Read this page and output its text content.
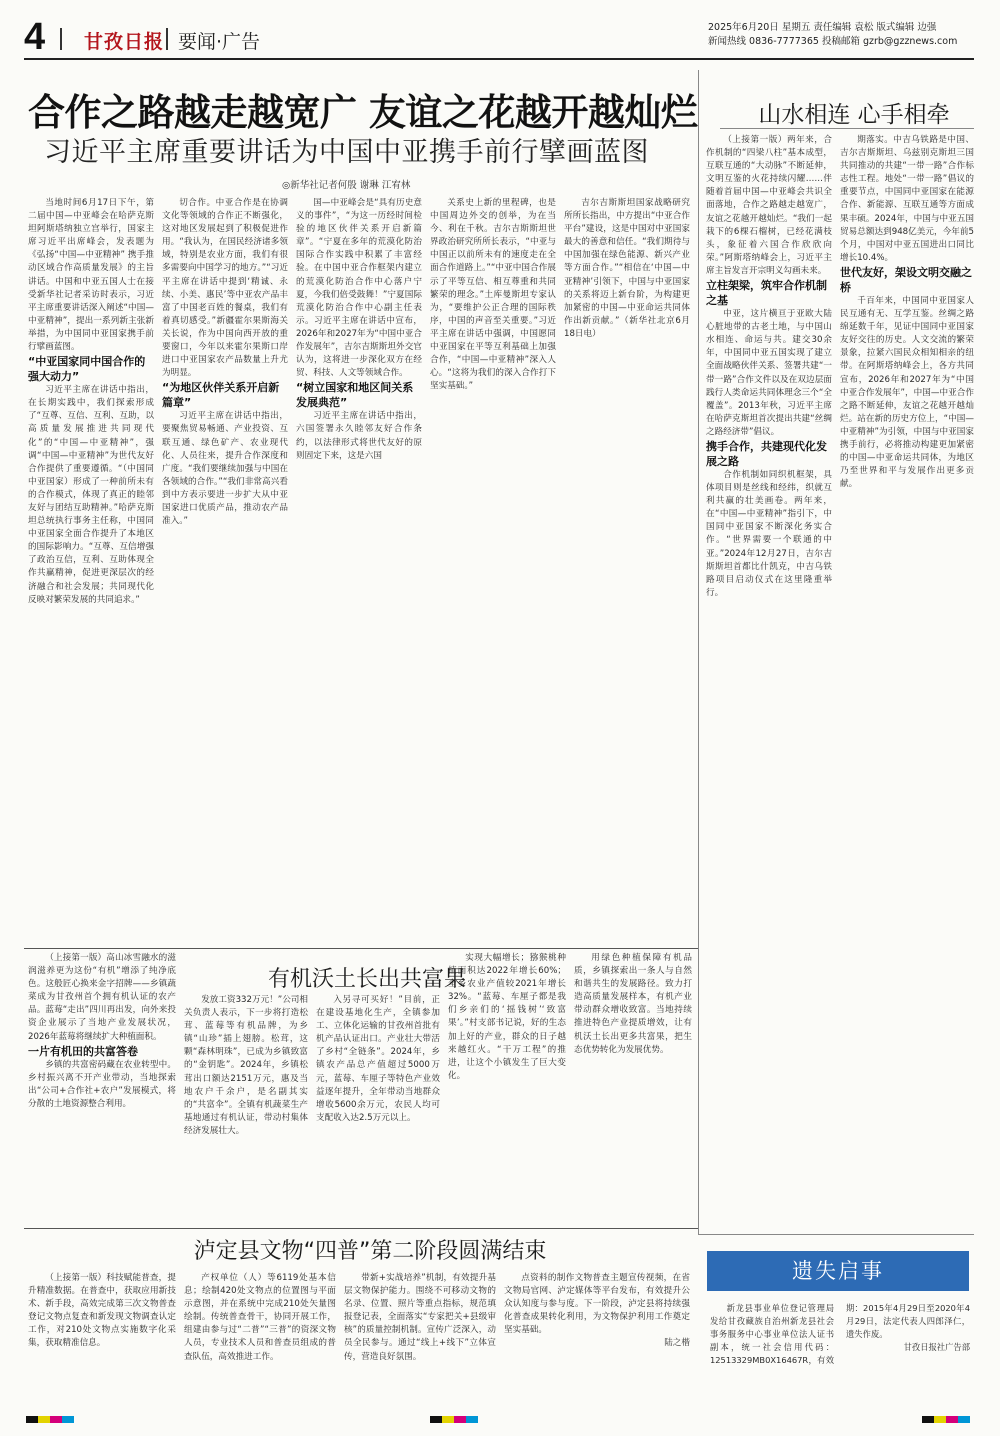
4 甘孜日报 要闻·广告
2025年6月20日 星期五 责任编辑 袁松 版式编辑 边强
新闻热线 0836-7777365 投稿邮箱 gzrb@gzznews.com
合作之路越走越宽广 友谊之花越开越灿烂
习近平主席重要讲话为中国中亚携手前行擘画蓝图
◎新华社记者何殷 谢琳 江宥林

当地时间6月17日下午，第二届中国—中亚峰会在哈萨克斯坦阿斯塔纳独立宫举行，国家主席习近平出席峰会，发表题为《弘扬“中国—中亚精神” 携手推动区域合作高质量发展》的主旨讲话。中国和中亚五国人士在接受新华社记者采访时表示，习近平主席重要讲话深入阐述“中国—中亚精神”，提出一系列新主张新举措，为中国同中亚国家携手前行擘画蓝图。

“中亚国家同中国合作的强大动力”

习近平主席在讲话中指出，在长期实践中，我们探索形成了“互尊、互信、互利、互助，以高质量发展推进共同现代化”的“中国—中亚精神”，强调“中国—中亚精神”为世代友好合作提供了重要遵循。“（中国同中亚国家）形成了一种前所未有的合作模式，体现了真正的睦邻友好与团结互助精神。”哈萨克斯坦总统执行事务主任称，中国同中亚国家全面合作提升了本地区的国际影响力。“互尊、互信增强了政治互信，互利、互助体现全作共赢精神，促进更深层次的经济融合和社会发展；共同现代化反映对繁荣发展的共同追求。”

切合作。中亚合作是在协调文化等领域的合作正不断强化，这对地区发展起到了积极促进作用。“我认为，在国民经济诸多领域，特别是农业方面，我们有很多需要向中国学习的地方。”“习近平主席在讲话中提到‘精诚、永续、小美、惠民’等中亚农产品丰富了中国老百姓的餐桌，我们有着真切感受。”新疆霍尔果斯海关关长说，作为中国向西开放的重要窗口，今年以来霍尔果斯口岸进口中亚国家农产品数量上升尤为明显。

“为地区伙伴关系开启新篇章”

习近平主席在讲话中指出，要聚焦贸易畅通、产业投资、互联互通、绿色矿产、农业现代化、人员往来，提升合作深度和广度。“我们要继续加强与中国在各领域的合作。”“我们非常高兴看到中方表示要进一步扩大从中亚国家进口优质产品，推动农产品准入。”

国—中亚峰会是“具有历史意义的事件”，“为这一历经时间检验的地区伙伴关系开启新篇章”。“宁夏在多年的荒漠化防治国际合作实践中积累了丰富经验。在中国中亚合作框架内建立的荒漠化防治合作中心落户宁夏，今我们倍受鼓舞！”宁夏国际荒漠化防治合作中心副主任表示。习近平主席在讲话中宣布，2026年和2027年为“中国中亚合作发展年”，吉尔吉斯斯坦外交官认为，这将进一步深化双方在经贸、科技、人文等领域合作。

“树立国家和地区间关系发展典范”

习近平主席在讲话中指出，六国签署永久睦邻友好合作条约，以法律形式将世代友好的原则固定下来，这是六国

关系史上新的里程碑，也是中国周边外交的创举，为在当今、利在千秋。吉尔吉斯斯坦世界政治研究所所长表示，“中亚与中国正以前所未有的速度走在全面合作道路上。”“中亚中国合作展示了平等互信、相互尊重和共同繁荣的理念。”土库曼斯坦专家认为，“要维护公正合理的国际秩序，中国的声音至关重要。”习近平主席在讲话中强调，中国愿同中亚国家在平等互利基础上加强合作，“中国—中亚精神”深入人心。“这将为我们的深入合作打下坚实基础。”

吉尔吉斯斯坦国家战略研究所所长指出，中方提出“中亚合作平台”建设，这是中国对中亚国家最大的善意和信任。“我们期待与中国加强在绿色能源、新兴产业等方面合作。”“相信在‘中国—中亚精神’引领下，中国与中亚国家的关系将迈上新台阶，为构建更加紧密的中国—中亚命运共同体作出新贡献。”（新华社北京6月18日电）

山水相连 心手相牵

（上接第一版）两年来，合作机制的“四梁八柱”基本成型，互联互通的“大动脉”不断延伸，文明互鉴的火花持续闪耀……伴随着首届中国—中亚峰会共识全面落地，合作之路越走越宽广，友谊之花越开越灿烂。“我们一起栽下的6棵石榴树，已经花满枝头，象征着六国合作欣欣向荣。”阿斯塔纳峰会上，习近平主席主旨发言开宗明义勾画未来。

立柱架梁，筑牢合作机制之基

中亚，这片横亘于亚欧大陆心脏地带的古老土地，与中国山水相连、命运与共。建交30余年，中国同中亚五国实现了建立全面战略伙伴关系、签署共建“一带一路”合作文件以及在双边层面践行人类命运共同体理念三个“全覆盖”。2013年秋，习近平主席在哈萨克斯坦首次提出共建“丝绸之路经济带”倡议。

携手合作，共建现代化发展之路

合作机制如同织机框架，具体项目则是丝线和经纬，织就互利共赢的壮美画卷。两年来，在“中国—中亚精神”指引下，中国同中亚国家不断深化务实合作。“世界需要一个联通的中亚。”2024年12月27日，吉尔吉斯斯坦首都比什凯克，中吉乌铁路项目启动仪式在这里隆重举行。

期落实。中吉乌铁路是中国、吉尔吉斯斯坦、乌兹别克斯坦三国共同推动的共建“一带一路”合作标志性工程。地处“一带一路”倡议的重要节点，中国同中亚国家在能源合作、新能源、互联互通等方面成果丰硕。2024年，中国与中亚五国贸易总额达到948亿美元，今年前5个月，中国对中亚五国进出口同比增长10.4%。

世代友好，架设文明交融之桥

千百年来，中国同中亚国家人民互通有无、互学互鉴。丝绸之路绵延数千年，见证中国同中亚国家友好交往的历史。人文交流的繁荣景象，拉紧六国民众相知相亲的纽带。在阿斯塔纳峰会上，各方共同宣布，2026年和2027年为“中国中亚合作发展年”，中国—中亚合作之路不断延伸，友谊之花越开越灿烂。站在新的历史方位上，“中国—中亚精神”为引领，中国与中亚国家携手前行，必将推动构建更加紧密的中国—中亚命运共同体，为地区乃至世界和平与发展作出更多贡献。

有机沃土长出共富果

（上接第一版）高山冰雪融水的滋润滋养更为这份“有机”增添了纯净底色。这般匠心换来金字招牌——乡镇蔬菜成为甘孜州首个拥有机认证的农产品。蓝莓“走出”四川再出发，向外来投资企业展示了当地产业发展状况，2026年蓝莓将继续扩大种植面积。

一片有机田的共富答卷

乡镇的共富密码藏在农业转型中。乡村振兴离不开产业带动，当地探索出“公司+合作社+农户”发展模式，将分散的土地资源整合利用。

发放工资332万元！”公司相关负责人表示，下一步将打造松茸、蓝莓等有机品牌，为乡镇“山珍”插上翅膀。松茸，这颗“森林明珠”，已成为乡镇致富的“金钥匙”。2024年，乡镇松茸出口额达2151万元，惠及当地农户千余户，是名副其实的“共富伞”。全镇有机蔬菜生产基地通过有机认证，带动村集体经济发展壮大。

入另寻可买好！”目前，正在建设基地化生产，全镇参加工、立体化运输的甘孜州首批有机产品认证出口。产业壮大带活了乡村“全链条”。2024年，乡镇农产品总产值超过5000万元，蓝莓、车厘子等特色产业效益逐年提升，全年带动当地群众增收5600余万元，农民人均可支配收入达2.5万元以上。

实现大幅增长；猕猴桃种植面积达2022年增长60%；全乡农业产值较2021年增长32%。“蓝莓、车厘子都是我们乡亲们的‘摇钱树’‘致富果’。”村支部书记说，好的生态加上好的产业，群众的日子越来越红火。“干万工程”的推进，让这个小镇发生了巨大变化。

用绿色种植保障有机品质，乡镇探索出一条人与自然和谐共生的发展路径。致力打造高质量发展样本，有机产业带动群众增收致富。当地持续推进特色产业提质增效，让有机沃土长出更多共富果，把生态优势转化为发展优势。

泸定县文物“四普”第二阶段圆满结束

（上接第一版）科技赋能普查，提升精准数据。在普查中，获取应用新技术、新手段，高效完成第三次文物普查登记文物点复查和新发现文物调查认定工作，对210处文物点实施数字化采集，获取精准信息。

产权单位（人）等6119处基本信息；绘制420处文物点的位置图与平面示意图，并在系统中完成210处矢量图绘制。传统普查骨干，协同开展工作，组建由参与过“二普”“三普”的资深文物人员，专业技术人员和普查员组成的普查队伍，高效推进工作。

带新+实战培养”机制，有效提升基层文物保护能力。围绕不可移动文物的名录、位置、照片等重点指标，规范填报登记表，全面落实“专家把关+县级审核”的质量控制机制。宣传广泛深入，动员全民参与。通过“线上+线下”立体宣传，营造良好氛围。

点资料的制作文物普查主题宣传视频，在省文物局官网、泸定媒体等平台发布，有效提升公众认知度与参与度。下一阶段，泸定县将持续强化普查成果转化利用，为文物保护利用工作奠定坚实基础。

陆之楷
遗失启事

新龙县事业单位登记管理局发给甘孜藏族自治州新龙县社会事务服务中心事业单位法人证书副本，统一社会信用代码：12513329MB0X16467R，有效期：2015年4月29日至2020年4月29日，法定代表人四郎泽仁，遗失作废。

甘孜日报社广告部
